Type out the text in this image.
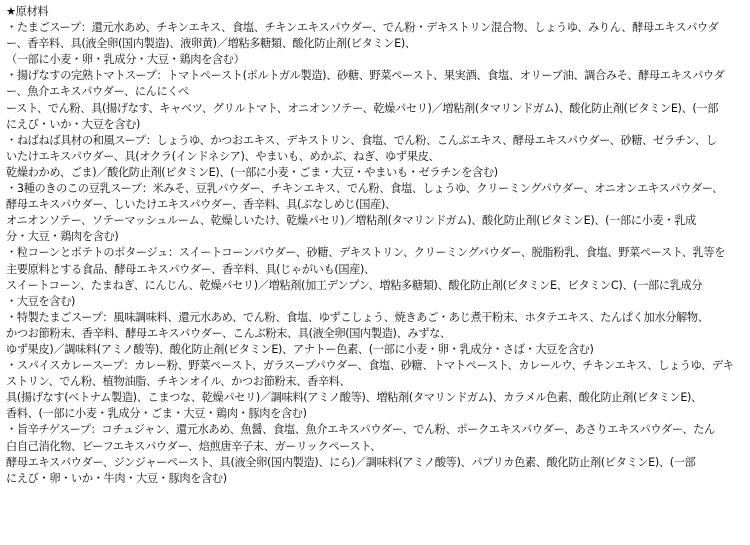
★原材料
・たまごスープ：還元水あめ、チキンエキス、食塩、チキンエキスパウダー、でん粉・デキストリン混合物、しょうゆ、みりん、酵母エキスパウダ
ー、香辛料、具(液全卵(国内製造)、液卵黄)／増粘多糖類、酸化防止剤(ビタミンE)、
（一部に小麦・卵・乳成分・大豆・鶏肉を含む）
・揚げなすの完熟トマトスープ：トマトペースト(ポルトガル製造)、砂糖、野菜ペースト、果実酒、食塩、オリーブ油、調合みそ、酵母エキスパウダ
ー、魚介エキスパウダー、にんにくぺ
ースト、でん粉、具(揚げなす、キャベツ、グリルトマト、オニオンソテー、乾燥パセリ)／増粘剤(タマリンドガム)、酸化防止剤(ビタミンE)、(一部
にえび・いか・大豆を含む)
・ねばねば具材の和風スープ：しょうゆ、かつおエキス、デキストリン、食塩、でん粉、こんぶエキス、酵母エキスパウダー、砂糖、ゼラチン、し
いたけエキスパウダー、具(オクラ(インドネシア)、やまいも、めかぶ、ねぎ、ゆず果皮、
乾燥わかめ、ごま)／酸化防止剤(ビタミンE)、(一部に小麦・ごま・大豆・やまいも・ゼラチンを含む)
・3種のきのこの豆乳スープ：米みそ、豆乳パウダー、チキンエキス、でん粉、食塩、しょうゆ、クリーミングパウダー、オニオンエキスパウダー、
酵母エキスパウダー、しいたけエキスパウダー、香辛料、具(ぶなしめじ(国産)、
オニオンソテー、ソテーマッシュルーム、乾燥しいたけ、乾燥パセリ)／増粘剤(タマリンドガム)、酸化防止剤(ビタミンE)、(一部に小麦・乳成
分・大豆・鶏肉を含む)
・粒コーンとポテトのポタージュ：スイートコーンパウダー、砂糖、デキストリン、クリーミングパウダー、脱脂粉乳、食塩、野菜ペースト、乳等を
主要原料とする食品、酵母エキスパウダー、香辛料、具(じゃがいも(国産)、
スイートコーン、たまねぎ、にんじん、乾燥パセリ)／増粘剤(加工デンプン、増粘多糖類)、酸化防止剤(ビタミンE、ビタミンC)、(一部に乳成分
・大豆を含む)
・特製たまごスープ：風味調味料、還元水あめ、でん粉、食塩、ゆずこしょう、焼きあご・あじ煮干粉末、ホタテエキス、たんぱく加水分解物、
かつお節粉末、香辛料、酵母エキスパウダー、こんぶ粉末、具(液全卵(国内製造)、みずな、
ゆず果皮)／調味料(アミノ酸等)、酸化防止剤(ビタミンE)、アナトー色素、(一部に小麦・卵・乳成分・さば・大豆を含む)
・スパイスカレースープ：カレー粉、野菜ペースト、ガラスープパウダー、食塩、砂糖、トマトペースト、カレールウ、チキンエキス、しょうゆ、デキ
ストリン、でん粉、植物油脂、チキンオイル、かつお節粉末、香辛料、
具(揚げなす(ベトナム製造)、こまつな、乾燥パセリ)／調味料(アミノ酸等)、増粘剤(タマリンドガム)、カラメル色素、酸化防止剤(ビタミンE)、
香料、(一部に小麦・乳成分・ごま・大豆・鶏肉・豚肉を含む)
・旨辛チゲスープ：コチュジャン、還元水あめ、魚醤、食塩、魚介エキスパウダー、でん粉、ポークエキスパウダー、あさりエキスパウダー、たん
白自己消化物、ビーフエキスパウダー、焙煎唐辛子末、ガーリックペースト、
酵母エキスパウダー、ジンジャーペースト、具(液全卵(国内製造)、にら)／調味料(アミノ酸等)、パプリカ色素、酸化防止剤(ビタミンE)、(一部
にえび・卵・いか・牛肉・大豆・豚肉を含む)
